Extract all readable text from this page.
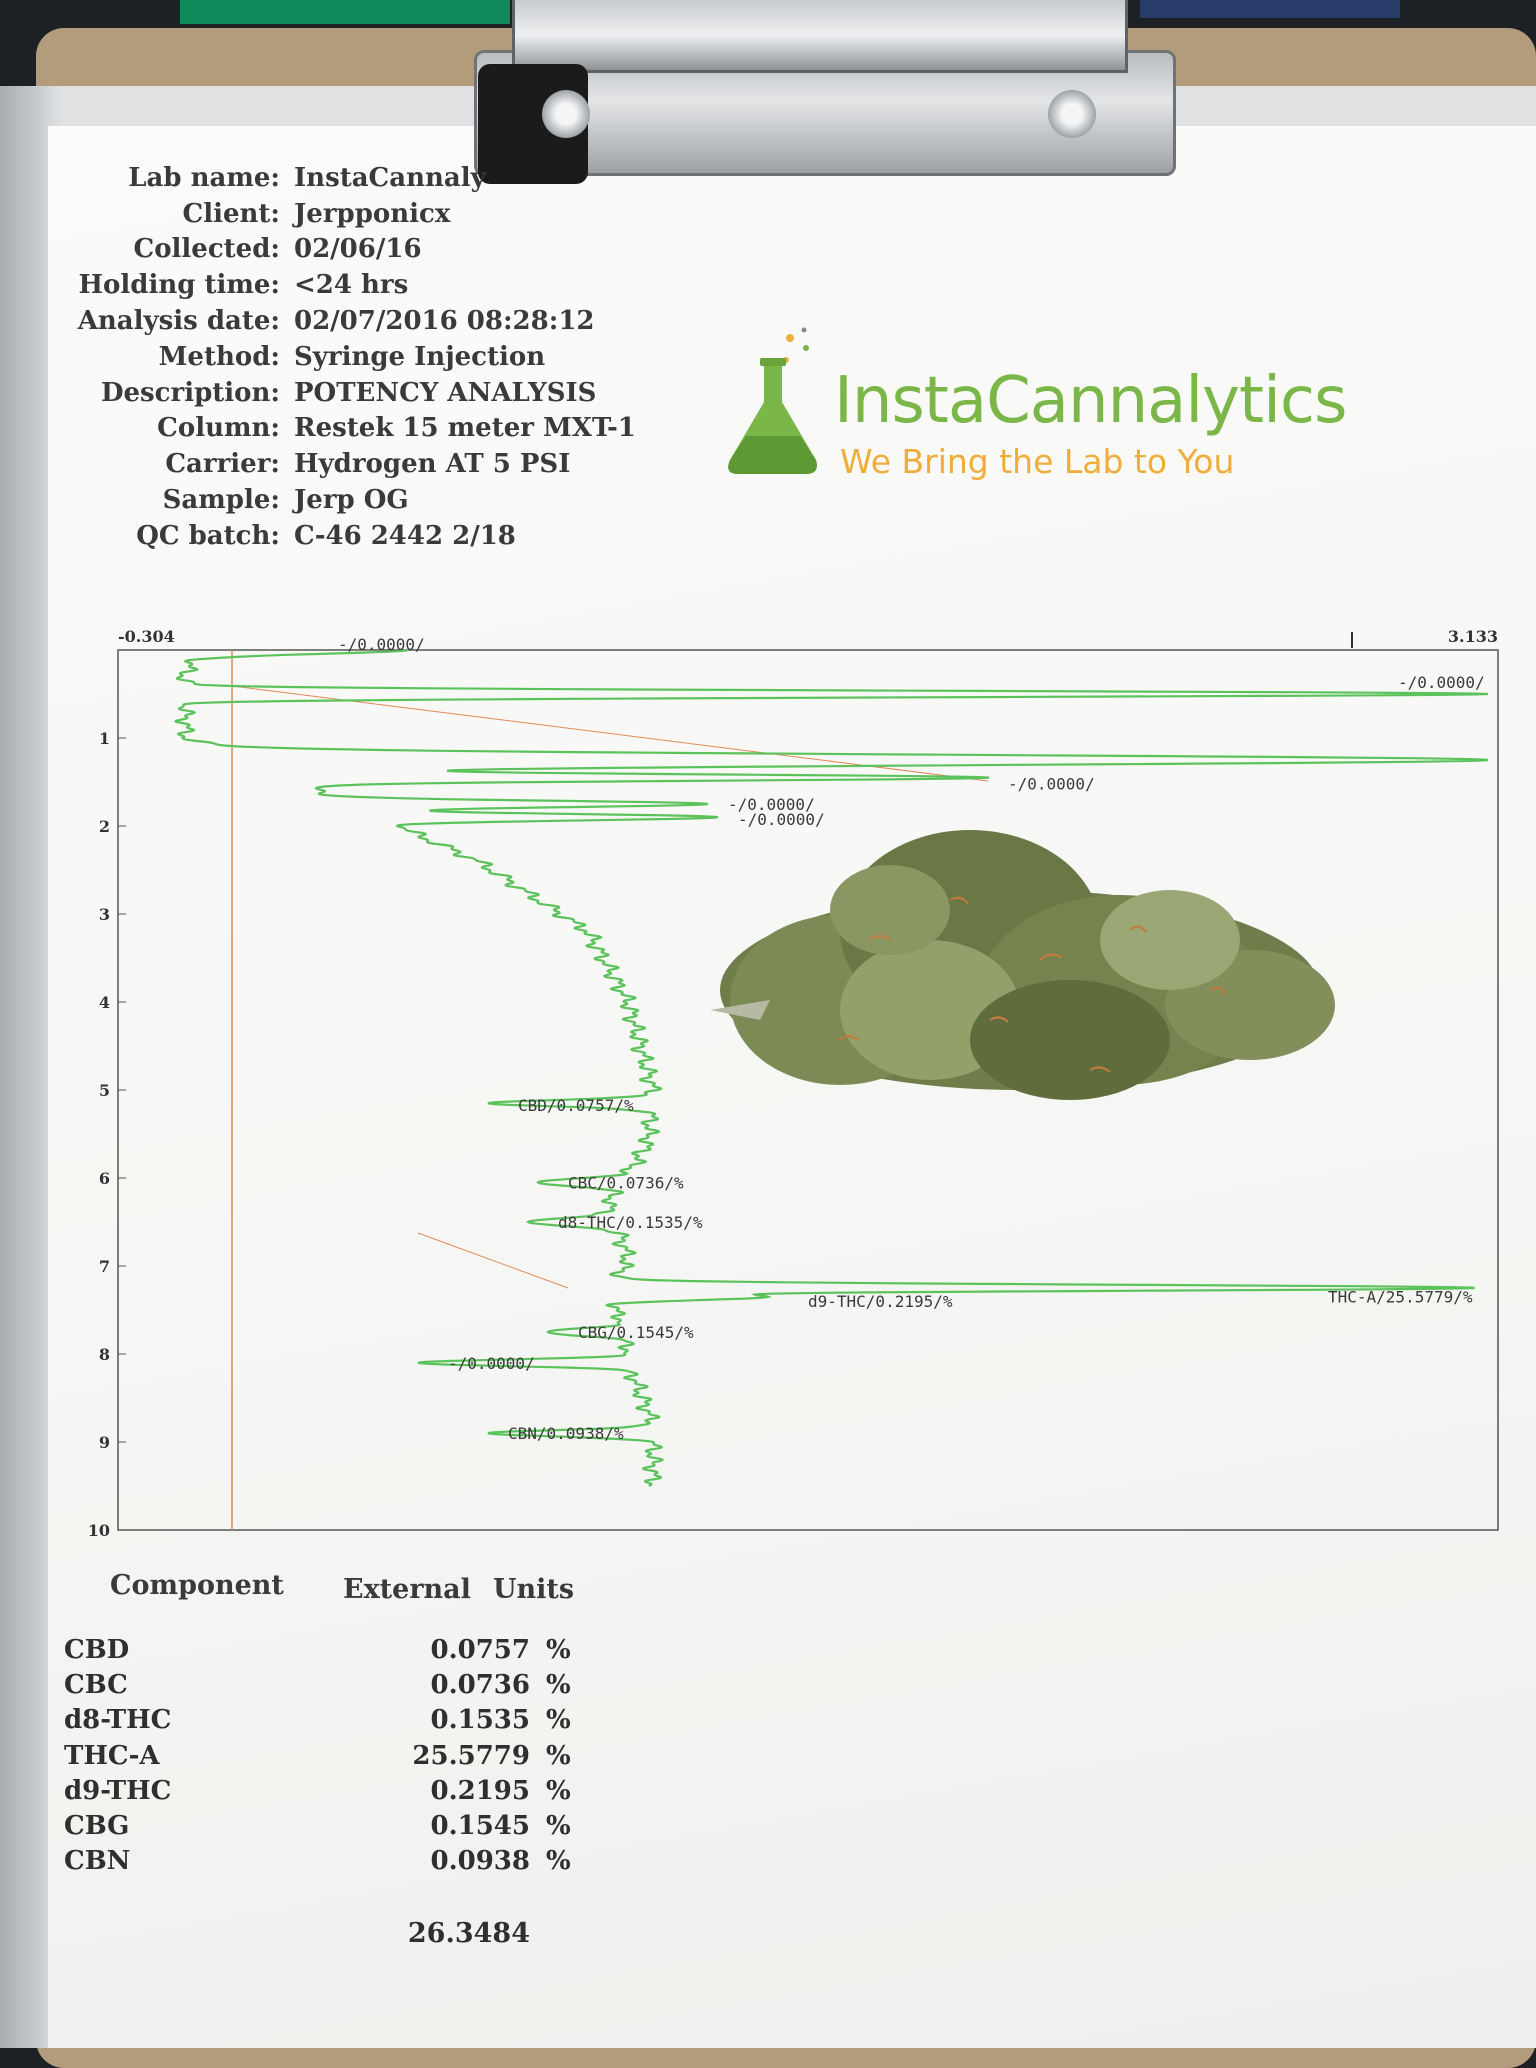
Lab name: InstaCannaly
Client: Jerpponicx
Collected: 02/06/16
Holding time: <24 hrs
Analysis date: 02/07/2016 08:28:12
Method: Syringe Injection
Description: POTENCY ANALYSIS
Column: Restek 15 meter MXT-1
Carrier: Hydrogen AT 5 PSI
Sample: Jerp OG
QC batch: C-46 2442 2/18
InstaCannalytics
We Bring the Lab to You
-0.304	3.133
1
2
3
4
5
6
7
8
9
10
-/0.0000/
-/0.0000/
-/0.0000/
-/0.0000/
-/0.0000/
CBD/0.0757/%
CBC/0.0736/%
d8-THC/0.1535/%
THC-A/25.5779/%
d9-THC/0.2195/%
CBG/0.1545/%
-/0.0000/
CBN/0.0938/%
Component External Units
CBD	0.0757 %
CBC	0.0736 %
d8-THC	0.1535 %
THC-A	25.5779 %
d9-THC	0.2195 %
CBG	0.1545 %
CBN	0.0938 %
26.3484
